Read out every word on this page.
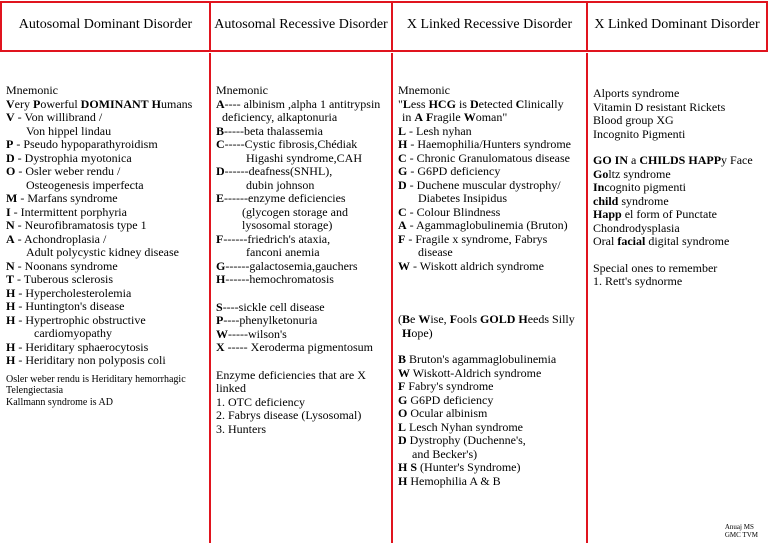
Autosomal Dominant Disorder	Autosomal Recessive Disorder	X Linked Recessive Disorder	X Linked Dominant Disorder
Mnemonic
Very Powerful DOMINANT Humans
V - Von willibrand /
Von hippel lindau
P - Pseudo hypoparathyroidism
D - Dystrophia myotonica
O - Osler weber rendu /
Osteogenesis imperfecta
M - Marfans syndrome
I - Intermittent porphyria
N - Neurofibramatosis type 1
A - Achondroplasia /
Adult polycystic kidney disease
N - Noonans syndrome
T - Tuberous sclerosis
H - Hypercholesterolemia
H - Huntington's disease
H - Hypertrophic obstructive
cardiomyopathy
H - Heriditary sphaerocytosis
H - Heriditary non polyposis coli
Osler weber rendu is Heriditary hemorrhagic
Telengiectasia
Kallmann syndrome is AD
Mnemonic
A---- albinism ,alpha 1 antitrypsin
deficiency, alkaptonuria
B-----beta thalassemia
C-----Cystic fibrosis,Chédiak
Higashi syndrome,CAH
D------deafness(SNHL),
dubin johnson
E------enzyme deficiencies
(glycogen storage and
lysosomal storage)
F------friedrich's ataxia,
fanconi anemia
G------galactosemia,gauchers
H------hemochromatosis
S----sickle cell disease
P----phenylketonuria
W-----wilson's
X ----- Xeroderma pigmentosum
Enzyme deficiencies that are X
linked
1. OTC deficiency
2. Fabrys disease (Lysosomal)
3. Hunters
Mnemonic
"Less HCG is Detected Clinically
in A Fragile Woman"
L - Lesh nyhan
H - Haemophilia/Hunters syndrome
C - Chronic Granulomatous disease
G - G6PD deficiency
D - Duchene muscular dystrophy/
Diabetes Insipidus
C - Colour Blindness
A - Agammaglobulinemia (Bruton)
F - Fragile x syndrome, Fabrys
disease
W - Wiskott aldrich syndrome
(Be Wise, Fools GOLD Heeds Silly
Hope)
B Bruton's agammaglobulinemia
W Wiskott-Aldrich syndrome
F Fabry's syndrome
G G6PD deficiency
O Ocular albinism
L Lesch Nyhan syndrome
D Dystrophy (Duchenne's,
and Becker's)
H S (Hunter's Syndrome)
H Hemophilia A & B
Alports syndrome
Vitamin D resistant Rickets
Blood group XG
Incognito Pigmenti
GO IN a CHILDS HAPPy Face
Goltz syndrome
Incognito pigmenti
child syndrome
Happ el form of Punctate
Chondrodysplasia
Oral facial digital syndrome
Special ones to remember
1. Rett's sydnorme
Anuaj MS
GMC TVM
